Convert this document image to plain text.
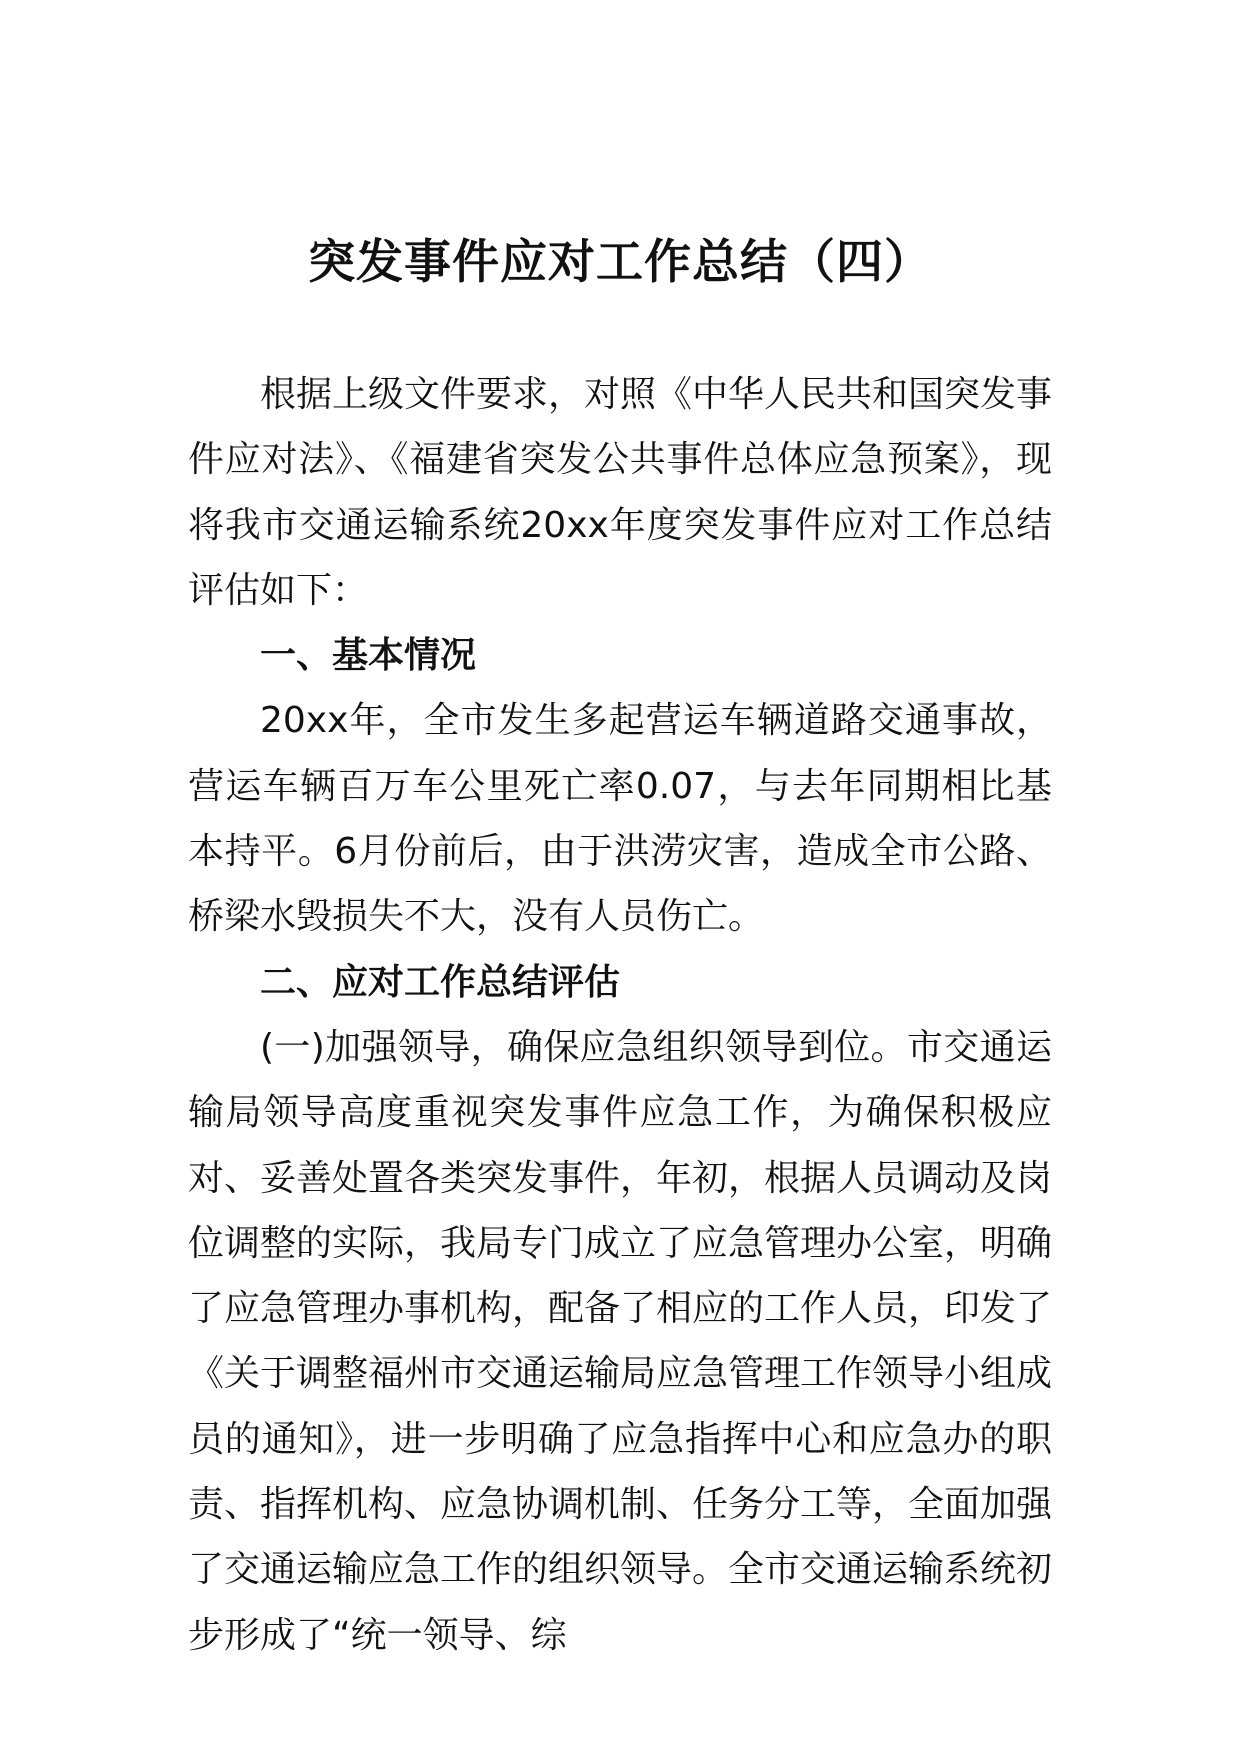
突发事件应对工作总结（四）

根据上级文件要求，对照《中华人民共和国突发事件应对法》、《福建省突发公共事件总体应急预案》，现将我市交通运输系统20xx年度突发事件应对工作总结评估如下：

一、基本情况

20xx年，全市发生多起营运车辆道路交通事故，营运车辆百万车公里死亡率0.07，与去年同期相比基本持平。6月份前后，由于洪涝灾害，造成全市公路、桥梁水毁损失不大，没有人员伤亡。

二、应对工作总结评估

(一)加强领导，确保应急组织领导到位。市交通运输局领导高度重视突发事件应急工作，为确保积极应对、妥善处置各类突发事件，年初，根据人员调动及岗位调整的实际，我局专门成立了应急管理办公室，明确了应急管理办事机构，配备了相应的工作人员，印发了《关于调整福州市交通运输局应急管理工作领导小组成员的通知》，进一步明确了应急指挥中心和应急办的职责、指挥机构、应急协调机制、任务分工等，全面加强了交通运输应急工作的组织领导。全市交通运输系统初步形成了“统一领导、综
